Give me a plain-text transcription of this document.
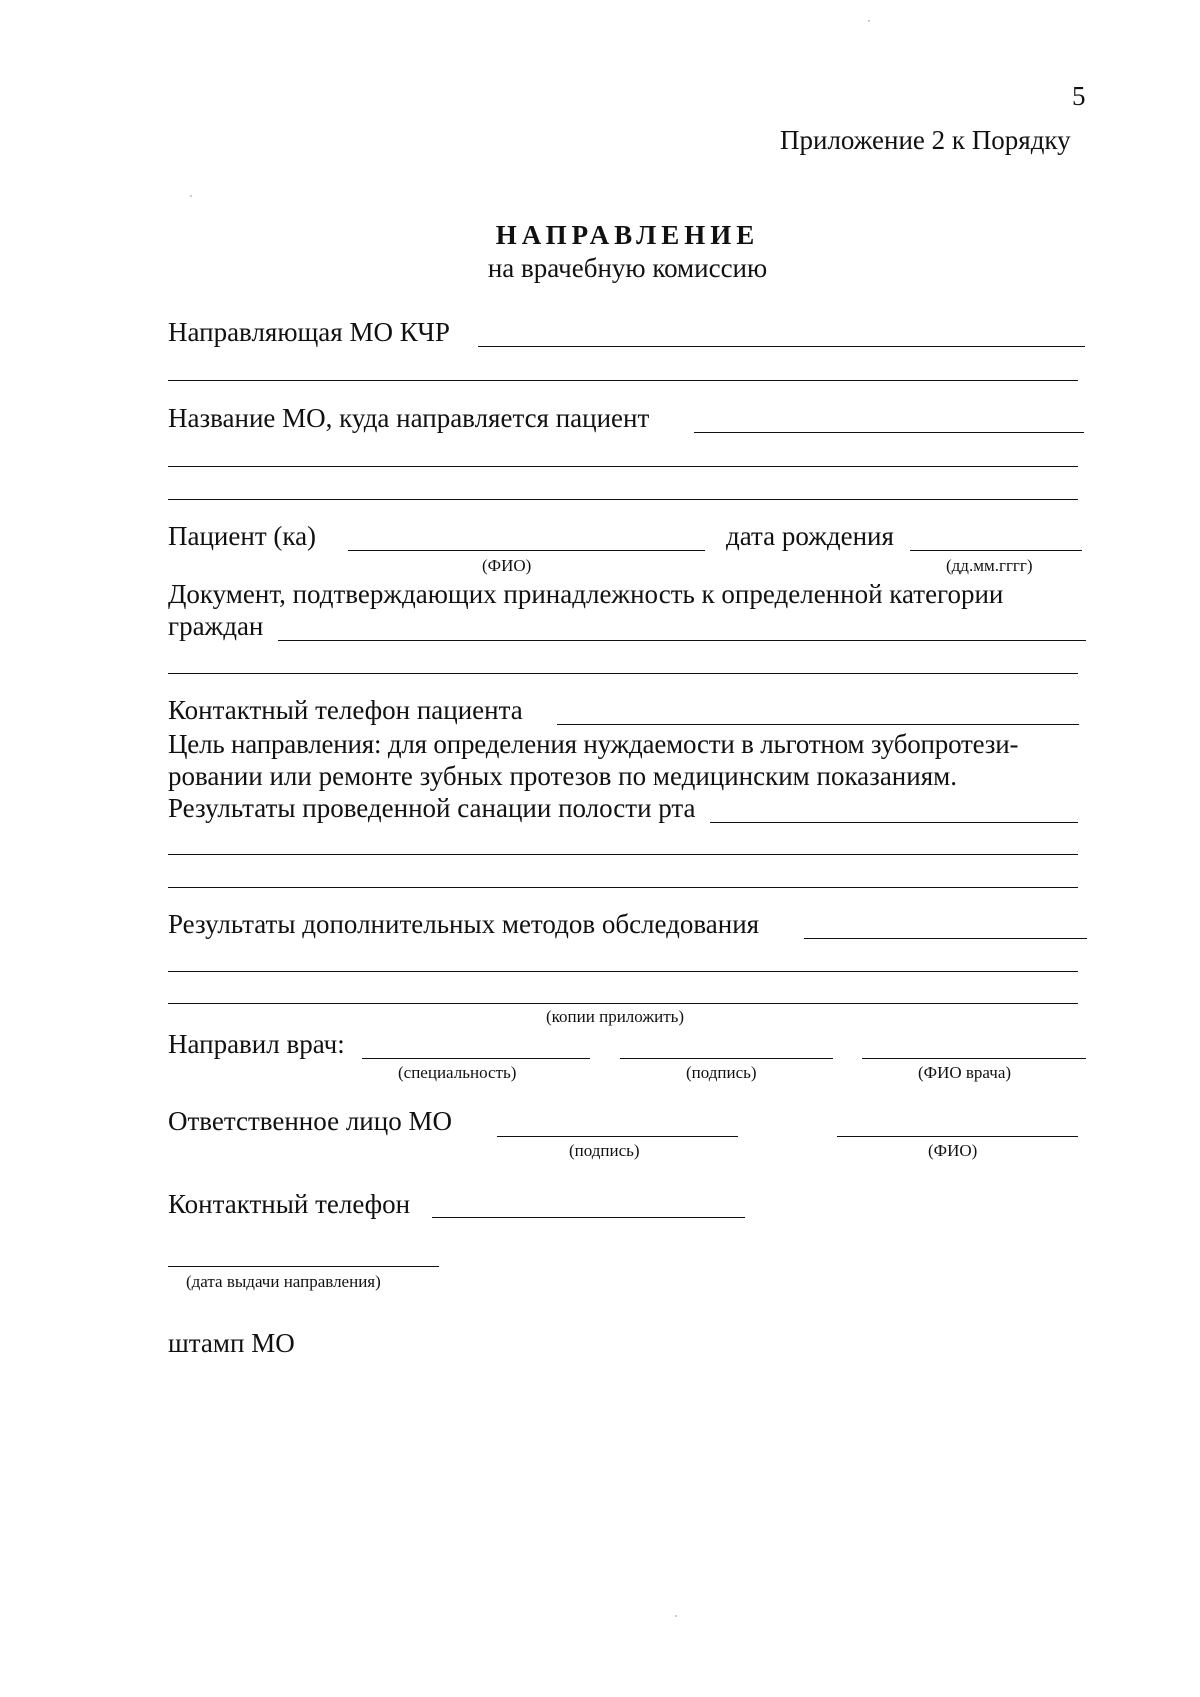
5
Приложение 2 к Порядку
НАПРАВЛЕНИЕ
на врачебную комиссию
Направляющая МО КЧР
Название МО, куда направляется пациент
Пациент (ка)	дата рождения
(ФИО)	(дд.мм.гггг)
Документ, подтверждающих принадлежность к определенной категории
граждан
Контактный телефон пациента
Цель направления: для определения нуждаемости в льготном зубопротези-
ровании или ремонте зубных протезов по медицинским показаниям.
Результаты проведенной санации полости рта
Результаты дополнительных методов обследования
(копии приложить)
Направил врач:
(специальность)	(подпись)	(ФИО врача)
Ответственное лицо МО
(подпись)	(ФИО)
Контактный телефон
(дата выдачи направления)
штамп МО
